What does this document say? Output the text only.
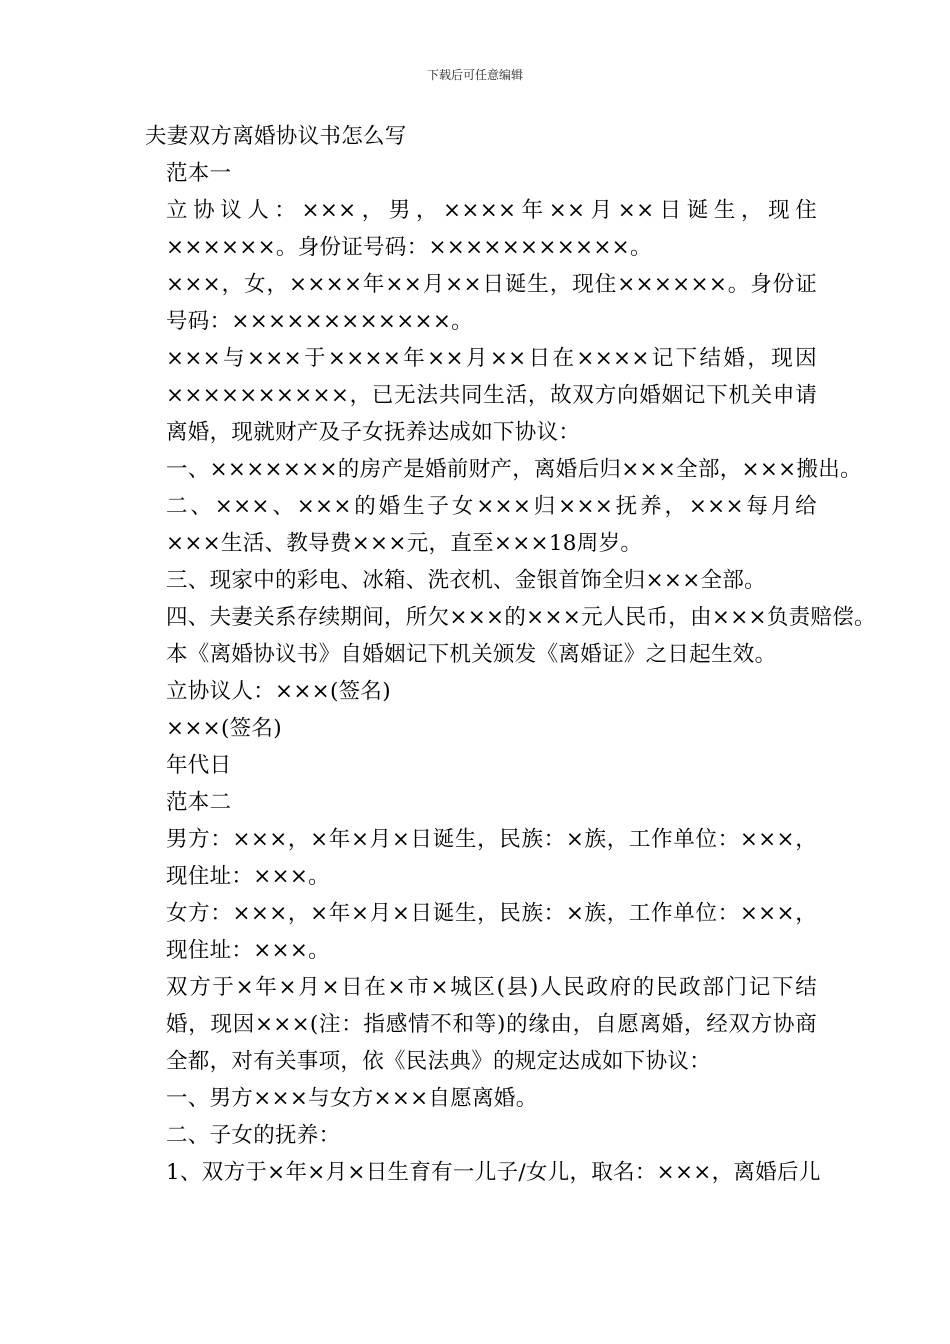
下载后可任意编辑
夫妻双方离婚协议书怎么写
范本一
立协议人：×××，男，××××年××月××日诞生，现住××××××。身份证号码：×××××××××××。
×××，女，××××年××月××日诞生，现住××××××。身份证号码：××××××××××××。
×××与×××于××××年××月××日在××××记下结婚，现因××××××××××，已无法共同生活，故双方向婚姻记下机关申请离婚，现就财产及子女抚养达成如下协议：
一、×××××××的房产是婚前财产，离婚后归×××全部，×××搬出。
二、×××、×××的婚生子女×××归×××抚养，×××每月给×××生活、教导费×××元，直至×××18周岁。
三、现家中的彩电、冰箱、洗衣机、金银首饰全归×××全部。
四、夫妻关系存续期间，所欠×××的×××元人民币，由×××负责赔偿。
本《离婚协议书》自婚姻记下机关颁发《离婚证》之日起生效。
立协议人：×××(签名)
×××(签名)
年代日
范本二
男方：×××，×年×月×日诞生，民族：×族，工作单位：×××，现住址：×××。
女方：×××，×年×月×日诞生，民族：×族，工作单位：×××，现住址：×××。
双方于×年×月×日在×市×城区(县)人民政府的民政部门记下结婚，现因×××(注：指感情不和等)的缘由，自愿离婚，经双方协商全都，对有关事项，依《民法典》的规定达成如下协议：
一、男方×××与女方×××自愿离婚。
二、子女的抚养：
1、双方于×年×月×日生育有一儿子/女儿，取名：×××，离婚后儿
